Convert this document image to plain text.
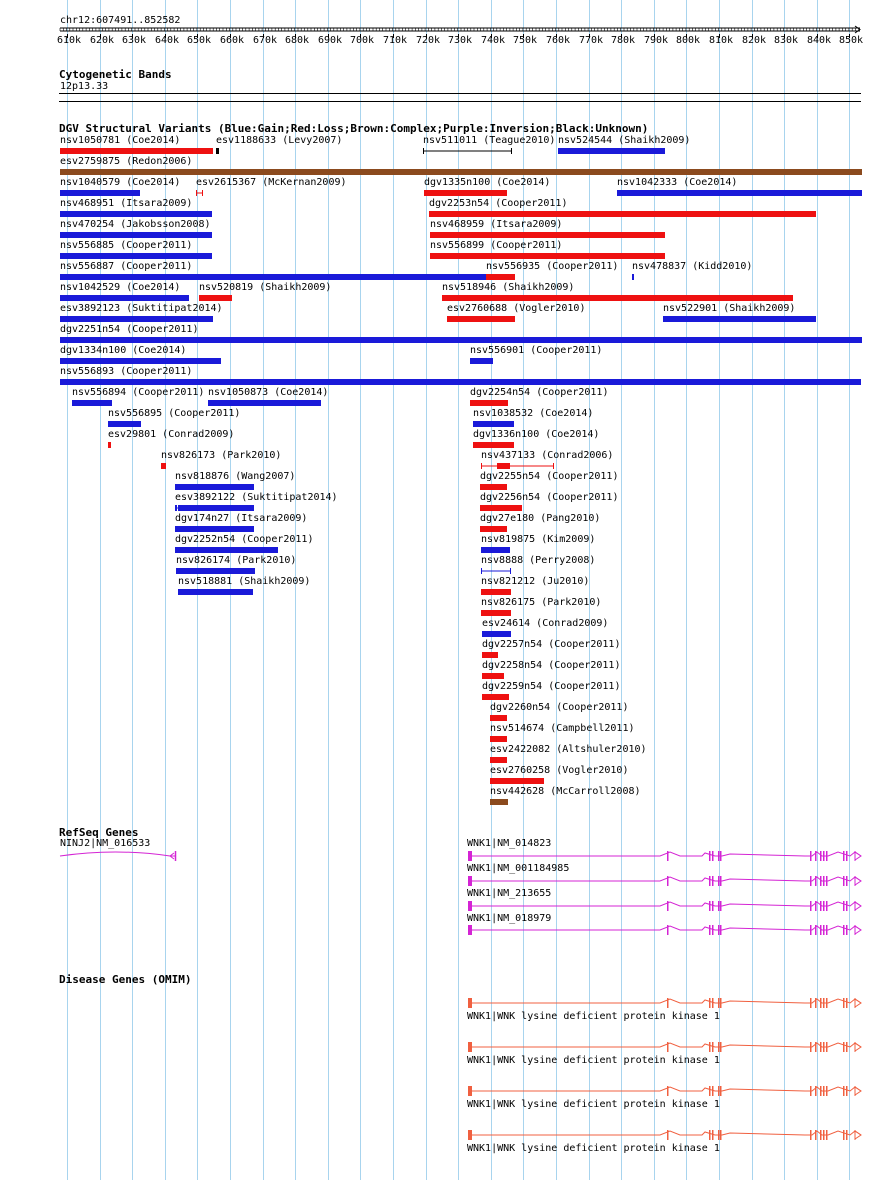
chr12:607491..852582
610k 620k 630k 640k 650k 660k 670k 680k 690k 700k 710k 720k 730k 740k 750k 760k 770k 780k 790k 800k 810k 820k 830k 840k 850k
Cytogenetic Bands
12p13.33
DGV Structural Variants (Blue:Gain;Red:Loss;Brown:Complex;Purple:Inversion;Black:Unknown)
nsv1050781 (Coe2014)	esv1188633 (Levy2007)	nsv511011 (Teague2010) nsv524544 (Shaikh2009)
esv2759875 (Redon2006)
nsv1040579 (Coe2014) esv2615367 (McKernan2009)	dgv1335n100 (Coe2014)	nsv1042333 (Coe2014)
nsv468951 (Itsara2009)	dgv2253n54 (Cooper2011)
nsv470254 (Jakobsson2008)	nsv468959 (Itsara2009)
nsv556885 (Cooper2011)	nsv556899 (Cooper2011)
nsv556887 (Cooper2011)	nsv556935 (Cooper2011) nsv478837 (Kidd2010)
nsv1042529 (Coe2014) nsv520819 (Shaikh2009)	nsv518946 (Shaikh2009)
esv3892123 (Suktitipat2014)	esv2760688 (Vogler2010)	nsv522901 (Shaikh2009)
dgv2251n54 (Cooper2011)
dgv1334n100 (Coe2014)	nsv556901 (Cooper2011)
nsv556893 (Cooper2011)
nsv556894 (Cooper2011) nsv1050873 (Coe2014)	dgv2254n54 (Cooper2011)
nsv556895 (Cooper2011)	nsv1038532 (Coe2014)
esv29801 (Conrad2009)	dgv1336n100 (Coe2014)
nsv826173 (Park2010)	nsv437133 (Conrad2006)
nsv818876 (Wang2007)	dgv2255n54 (Cooper2011)
esv3892122 (Suktitipat2014)	dgv2256n54 (Cooper2011)
dgv174n27 (Itsara2009)	dgv27e180 (Pang2010)
dgv2252n54 (Cooper2011)	nsv819875 (Kim2009)
nsv826174 (Park2010)	nsv8888 (Perry2008)
nsv518881 (Shaikh2009)	nsv821212 (Ju2010)
nsv826175 (Park2010)
esv24614 (Conrad2009)
dgv2257n54 (Cooper2011)
dgv2258n54 (Cooper2011)
dgv2259n54 (Cooper2011)
dgv2260n54 (Cooper2011)
nsv514674 (Campbell2011)
esv2422082 (Altshuler2010)
esv2760258 (Vogler2010)
nsv442628 (McCarroll2008)
RefSeq Genes
Disease Genes (OMIM)
NINJ2|NM_016533	WNK1|NM_014823
WNK1|NM_001184985
WNK1|NM_213655
WNK1|NM_018979
WNK1|WNK lysine deficient protein kinase 1
WNK1|WNK lysine deficient protein kinase 1
WNK1|WNK lysine deficient protein kinase 1
WNK1|WNK lysine deficient protein kinase 1
